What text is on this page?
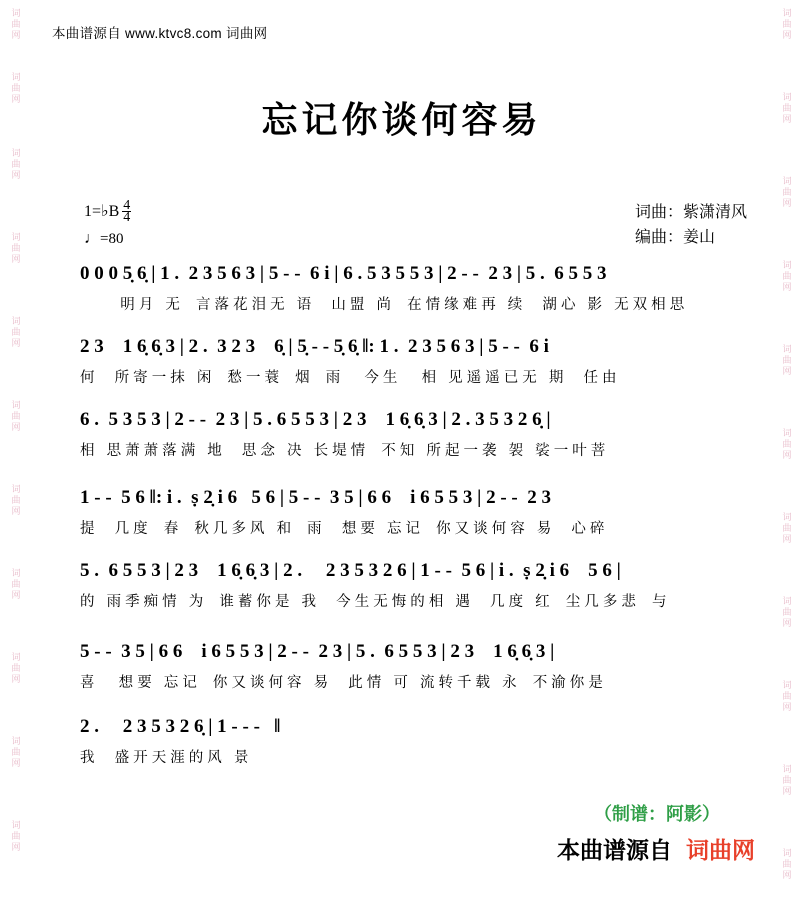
词
曲
网
词
曲
网
词
曲
网
词
曲
网
词
曲
网
词
曲
网
词
曲
网
词
曲
网
词
曲
网
词
曲
网
词
曲
网
词
曲
网
词
曲
网
词
曲
网
词
曲
网
词
曲
网
词
曲
网
词
曲
网
词
曲
网
词
曲
网
词
曲
网
词
曲
网
本曲谱源自 www.ktvc8.com 词曲网
忘记你谈何容易
1=♭B $\frac{4}{4}$
♩=80
词曲：紫潇清风
编曲：姜山
0 0 0 5̣ 6̣ | 1 .  2 3 5 6 3 | 5 - -  6 i | 6 . 5 3 5 5 3 | 2 - -  2 3 | 5 .  6 5 5 3
明 月   无    言 落 花 泪 无   语     山 盟   尚    在 情 缘 难 再   续     湖 心   影   无 双 相 思
2 3    1 6̣ 6̣ 3 | 2 .  3 2 3    6̣ | 5̣ - - 5̣ 6̣ ‖: 1 .  2 3 5 6 3 | 5 - -  6 i
何     所 寄 一 抹   闲    愁 一 蓑    烟    雨      今 生      相   见 遥 遥 已 无   期     任 由
6 .  5 3 5 3 | 2 - -  2 3 | 5 . 6 5 5 3 | 2 3    1 6̣ 6̣ 3 | 2 . 3 5 3 2 6̣ |
相   思 萧 萧 落 满   地     思 念   决   长 堤 情    不 知   所 起 一 袭   袈   裟 一 叶 菩
1 - -  5 6 ‖: i .  ṣ 2̣ i 6   5 6 | 5 - -  3 5 | 6 6    i 6 5 5 3 | 2 - -  2 3
提     几 度    春    秋 几 多 风   和    雨     想 要   忘 记    你 又 谈 何 容   易     心 碎
5 .  6 5 5 3 | 2 3    1 6̣ 6̣ 3 | 2 .     2 3 5 3 2 6 | 1 - -  5 6 | i .  ṣ 2̣ i 6    5 6 |
的   雨 季 痴 情   为    谁 蓄 你 是   我     今 生 无 悔 的 相   遇     几 度   红    尘 几 多 悲    与
5 - -  3 5 | 6 6    i 6 5 5 3 | 2 - -  2 3 | 5 .  6 5 5 3 | 2 3    1 6̣ 6̣ 3 |
喜      想 要   忘 记    你 又 谈 何 容   易     此 情   可   流 转 千 载   永    不 渝 你 是
2 .     2 3 5 3 2 6̣ | 1 - - -   ‖
我     盛 开 天 涯 的 风   景
（制谱：阿影）
本曲谱源自 词曲网
